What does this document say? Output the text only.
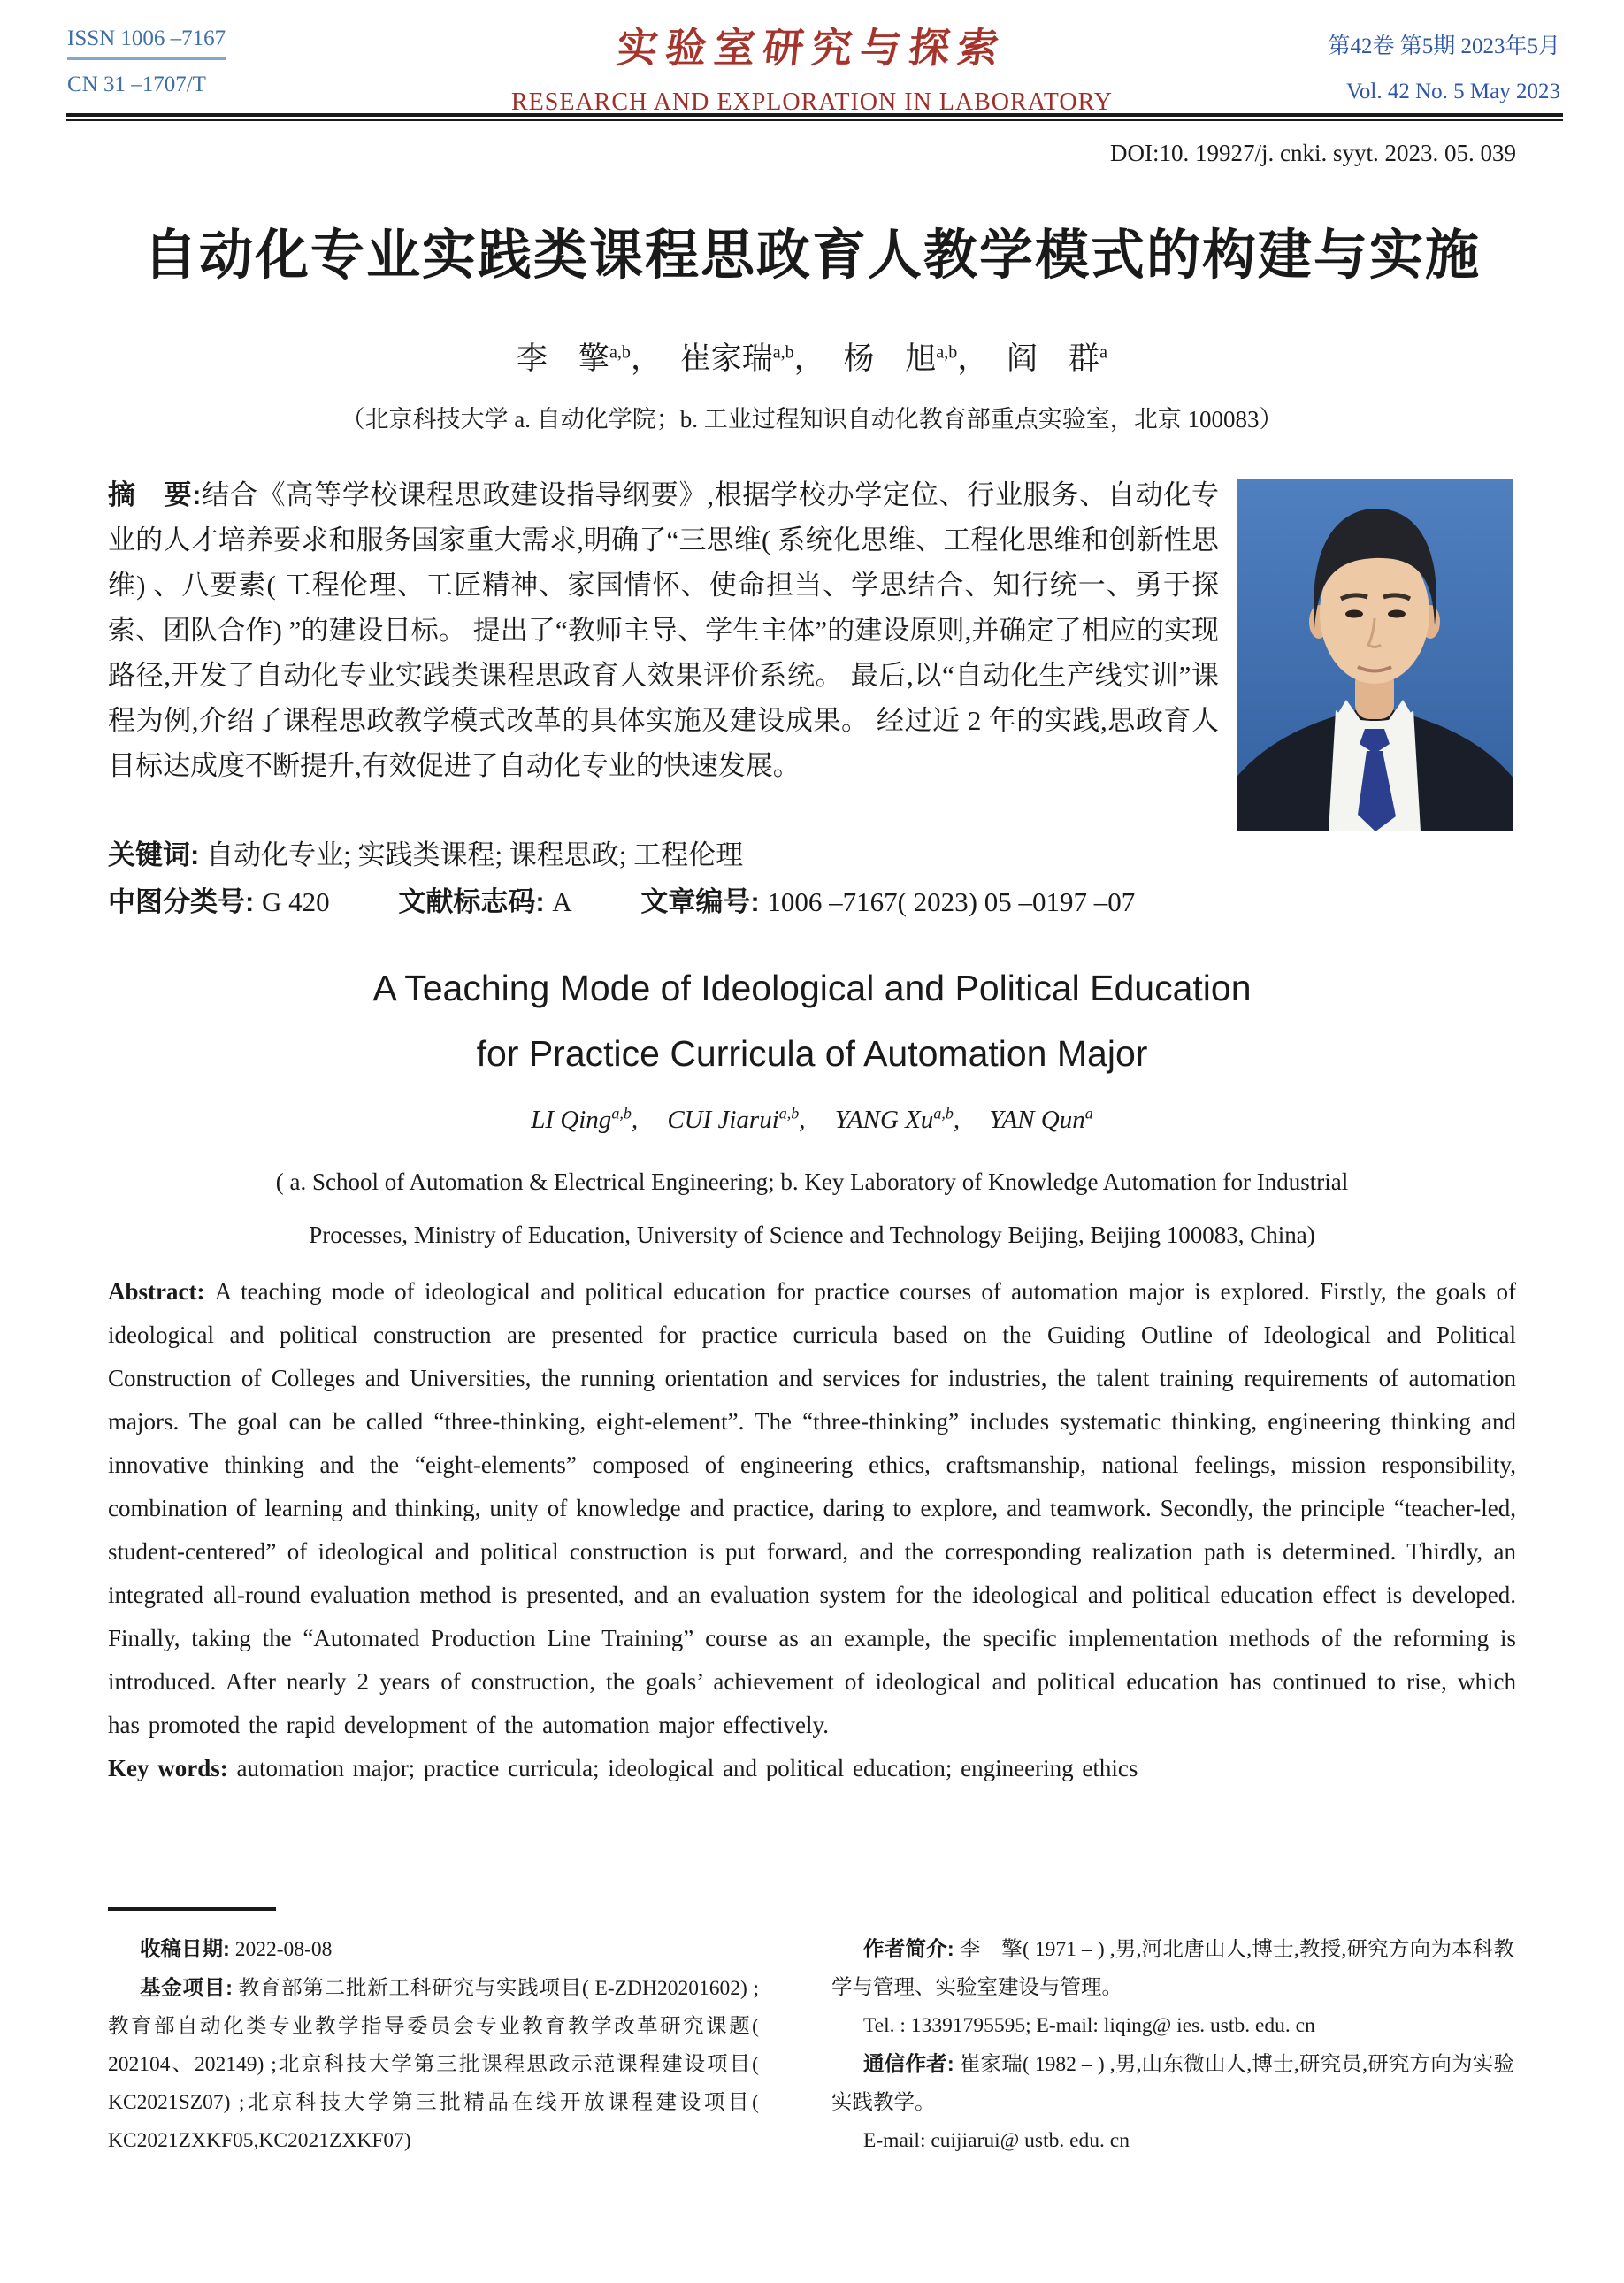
ISSN 1006 –7167
CN 31 –1707/T
实验室研究与探索
RESEARCH AND EXPLORATION IN LABORATORY
第42卷 第5期 2023年5月
Vol. 42 No. 5 May 2023
DOI:10. 19927/j. cnki. syyt. 2023. 05. 039
自动化专业实践类课程思政育人教学模式的构建与实施
李　擎$^{a,b}$， 崔家瑞$^{a,b}$， 杨　旭$^{a,b}$， 阎　群$^a$
（北京科技大学 a. 自动化学院；b. 工业过程知识自动化教育部重点实验室，北京 100083）
摘　要:结合《高等学校课程思政建设指导纲要》,根据学校办学定位、行业服务、自动化专业的人才培养要求和服务国家重大需求,明确了“三思维( 系统化思维、工程化思维和创新性思维) 、八要素( 工程伦理、工匠精神、家国情怀、使命担当、学思结合、知行统一、勇于探索、团队合作) ”的建设目标。 提出了“教师主导、学生主体”的建设原则,并确定了相应的实现路径,开发了自动化专业实践类课程思政育人效果评价系统。 最后,以“自动化生产线实训”课程为例,介绍了课程思政教学模式改革的具体实施及建设成果。 经过近 2 年的实践,思政育人目标达成度不断提升,有效促进了自动化专业的快速发展。
关键词: 自动化专业; 实践类课程; 课程思政; 工程伦理
中图分类号: G 420	文献标志码: A	文章编号: 1006 –7167( 2023) 05 –0197 –07
A Teaching Mode of Ideological and Political Education
for Practice Curricula of Automation Major
LI Qing$^{a,b}$, CUI Jiarui$^{a,b}$, YANG Xu$^{a,b}$, YAN Qun$^a$
( a. School of Automation & Electrical Engineering; b. Key Laboratory of Knowledge Automation for Industrial
Processes, Ministry of Education, University of Science and Technology Beijing, Beijing 100083, China)

Abstract: A teaching mode of ideological and political education for practice courses of automation major is explored. Firstly, the goals of ideological and political construction are presented for practice curricula based on the Guiding Outline of Ideological and Political Construction of Colleges and Universities, the running orientation and services for industries, the talent training requirements of automation majors. The goal can be called “three-thinking, eight-element”. The “three-thinking” includes systematic thinking, engineering thinking and innovative thinking and the “eight-elements” composed of engineering ethics, craftsmanship, national feelings, mission responsibility, combination of learning and thinking, unity of knowledge and practice, daring to explore, and teamwork. Secondly, the principle “teacher-led, student-centered” of ideological and political construction is put forward, and the corresponding realization path is determined. Thirdly, an integrated all-round evaluation method is presented, and an evaluation system for the ideological and political education effect is developed. Finally, taking the “Automated Production Line Training” course as an example, the specific implementation methods of the reforming is introduced. After nearly 2 years of construction, the goals’ achievement of ideological and political education has continued to rise, which has promoted the rapid development of the automation major effectively.

Key words: automation major; practice curricula; ideological and political education; engineering ethics

收稿日期: 2022-08-08

基金项目: 教育部第二批新工科研究与实践项目( E-ZDH20201602) ;教育部自动化类专业教学指导委员会专业教育教学改革研究课题( 202104、202149) ;北京科技大学第三批课程思政示范课程建设项目( KC2021SZ07) ;北京科技大学第三批精品在线开放课程建设项目( KC2021ZXKF05,KC2021ZXKF07)

作者简介: 李　擎( 1971 – ) ,男,河北唐山人,博士,教授,研究方向为本科教学与管理、实验室建设与管理。

Tel. : 13391795595; E-mail: liqing@ ies. ustb. edu. cn

通信作者: 崔家瑞( 1982 – ) ,男,山东微山人,博士,研究员,研究方向为实验实践教学。

E-mail: cuijiarui@ ustb. edu. cn
